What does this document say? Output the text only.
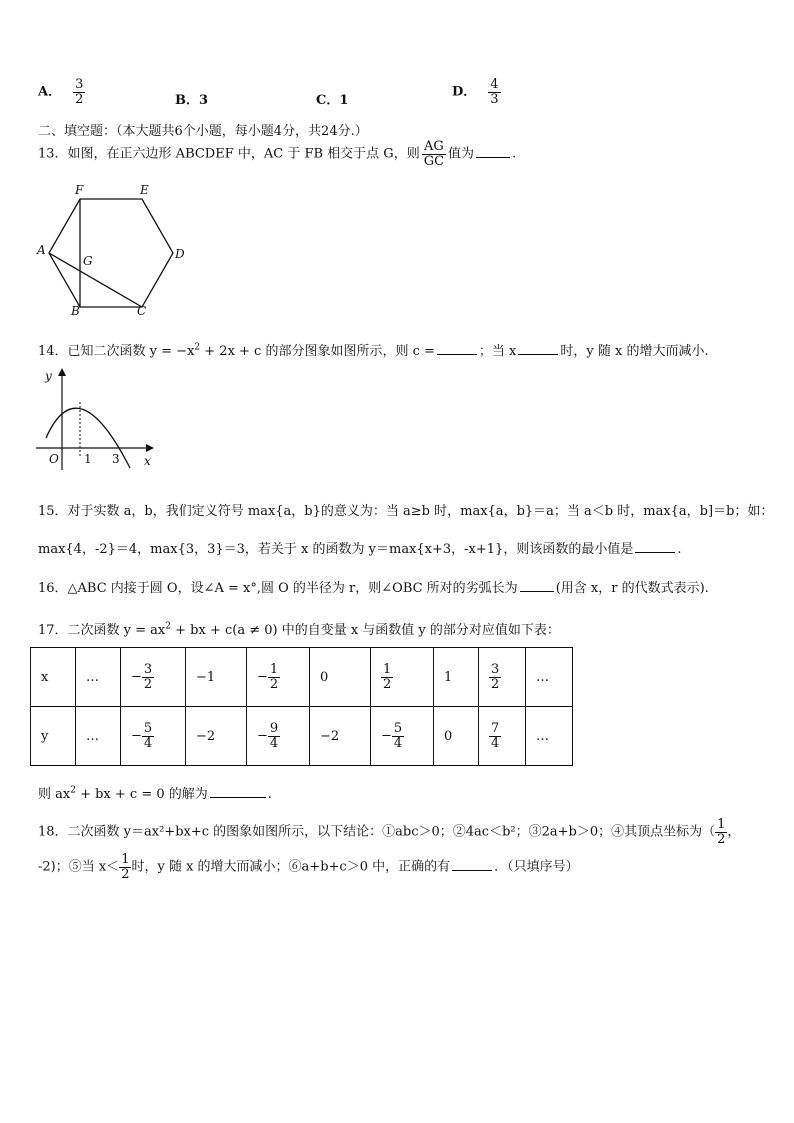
A． $\frac{3}{2}$	B．3	C．1
D． $\frac{4}{3}$
二、填空题：（本大题共6个小题，每小题4分，共24分.）
13．如图，在正六边形 ABCDEF 中，AC 于 FB 相交于点 G，则 $\frac{AG}{GC}$ 值为	.
F	E
A
G	D
B	C
14．已知二次函数 $y = -x^2 + 2x + c$ 的部分图象如图所示，则 c =	；当 x	时，y 随 x 的增大而减小.
y
x
O 1 3
15．对于实数 a，b，我们定义符号 max{a，b}的意义为：当 a≥b 时，max{a，b}＝a；当 a＜b 时，max{a，b]＝b；如：
max{4，-2}＝4，max{3，3}＝3，若关于 x 的函数为 y＝max{x+3，-x+1}，则该函数的最小值是	.
16．△ABC 内接于圆 O，设∠A = x°,圆 O 的半径为 r，则∠OBC 所对的劣弧长为	(用含 x，r 的代数式表示).
17．二次函数 $y = ax^2$ + bx + c(a ≠ 0) 中的自变量 x 与函数值 y 的部分对应值如下表：
x	…	− $\frac{3}{2}$	−1	− $\frac{1}{2}$	0	$\frac{1}{2}$	1	$\frac{3}{2}$	…
y	…	− $\frac{5}{4}$	−2	− $\frac{9}{4}$	−2	− $\frac{5}{4}$	0	$\frac{7}{4}$	…
则 $ax^2$ + bx + c = 0 的解为	.
18．二次函数 y＝ax²+bx+c 的图象如图所示，以下结论：①abc＞0；②4ac＜b²；③2a+b＞0；④其顶点坐标为（ $\frac{1}{2}$ ，
-2)；⑤当 $x< \frac{1}{2}$ 时，y 随 x 的增大而减小；⑥a+b+c＞0 中，正确的有	．（只填序号）
